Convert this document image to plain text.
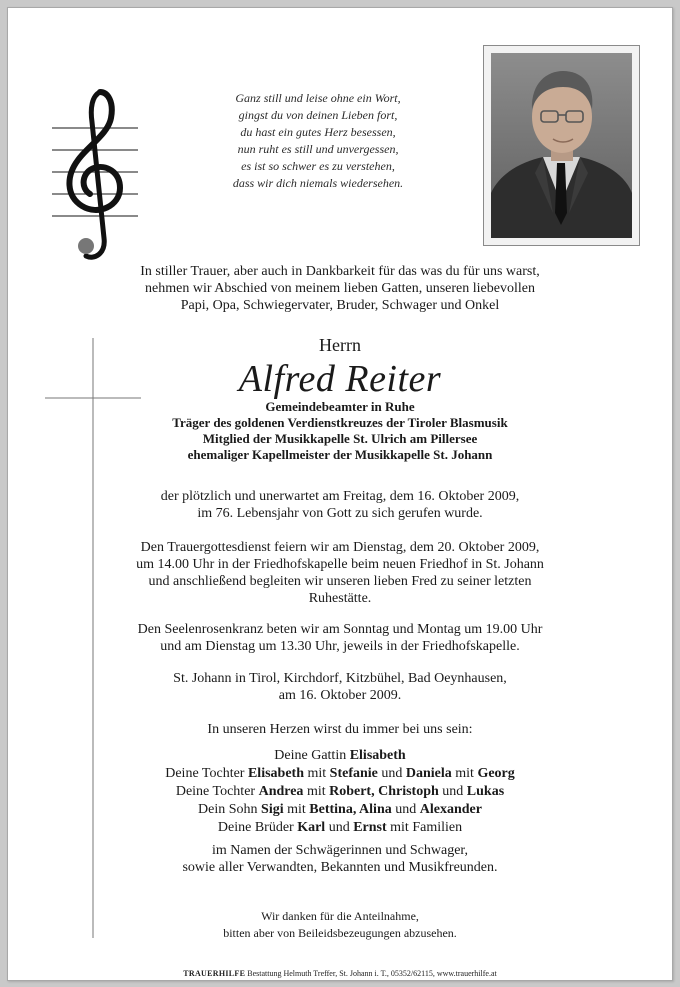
Ganz still und leise ohne ein Wort,
gingst du von deinen Lieben fort,
du hast ein gutes Herz besessen,
nun ruht es still und unvergessen,
es ist so schwer es zu verstehen,
dass wir dich niemals wiedersehen.
In stiller Trauer, aber auch in Dankbarkeit für das was du für uns warst,
nehmen wir Abschied von meinem lieben Gatten, unseren liebevollen
Papi, Opa, Schwiegervater, Bruder, Schwager und Onkel
Herrn
Alfred Reiter
Gemeindebeamter in Ruhe
Träger des goldenen Verdienstkreuzes der Tiroler Blasmusik
Mitglied der Musikkapelle St. Ulrich am Pillersee
ehemaliger Kapellmeister der Musikkapelle St. Johann
der plötzlich und unerwartet am Freitag, dem 16. Oktober 2009,
im 76. Lebensjahr von Gott zu sich gerufen wurde.
Den Trauergottesdienst feiern wir am Dienstag, dem 20. Oktober 2009,
um 14.00 Uhr in der Friedhofskapelle beim neuen Friedhof in St. Johann
und anschließend begleiten wir unseren lieben Fred zu seiner letzten
Ruhestätte.
Den Seelenrosenkranz beten wir am Sonntag und Montag um 19.00 Uhr
und am Dienstag um 13.30 Uhr, jeweils in der Friedhofskapelle.
St. Johann in Tirol, Kirchdorf, Kitzbühel, Bad Oeynhausen,
am 16. Oktober 2009.
In unseren Herzen wirst du immer bei uns sein:
Deine Gattin Elisabeth
Deine Tochter Elisabeth mit Stefanie und Daniela mit Georg
Deine Tochter Andrea mit Robert, Christoph und Lukas
Dein Sohn Sigi mit Bettina, Alina und Alexander
Deine Brüder Karl und Ernst mit Familien
im Namen der Schwägerinnen und Schwager,
sowie aller Verwandten, Bekannten und Musikfreunden.
Wir danken für die Anteilnahme,
bitten aber von Beileidsbezeugungen abzusehen.
TRAUERHILFE Bestattung Helmuth Treffer, St. Johann i. T., 05352/62115, www.trauerhilfe.at
